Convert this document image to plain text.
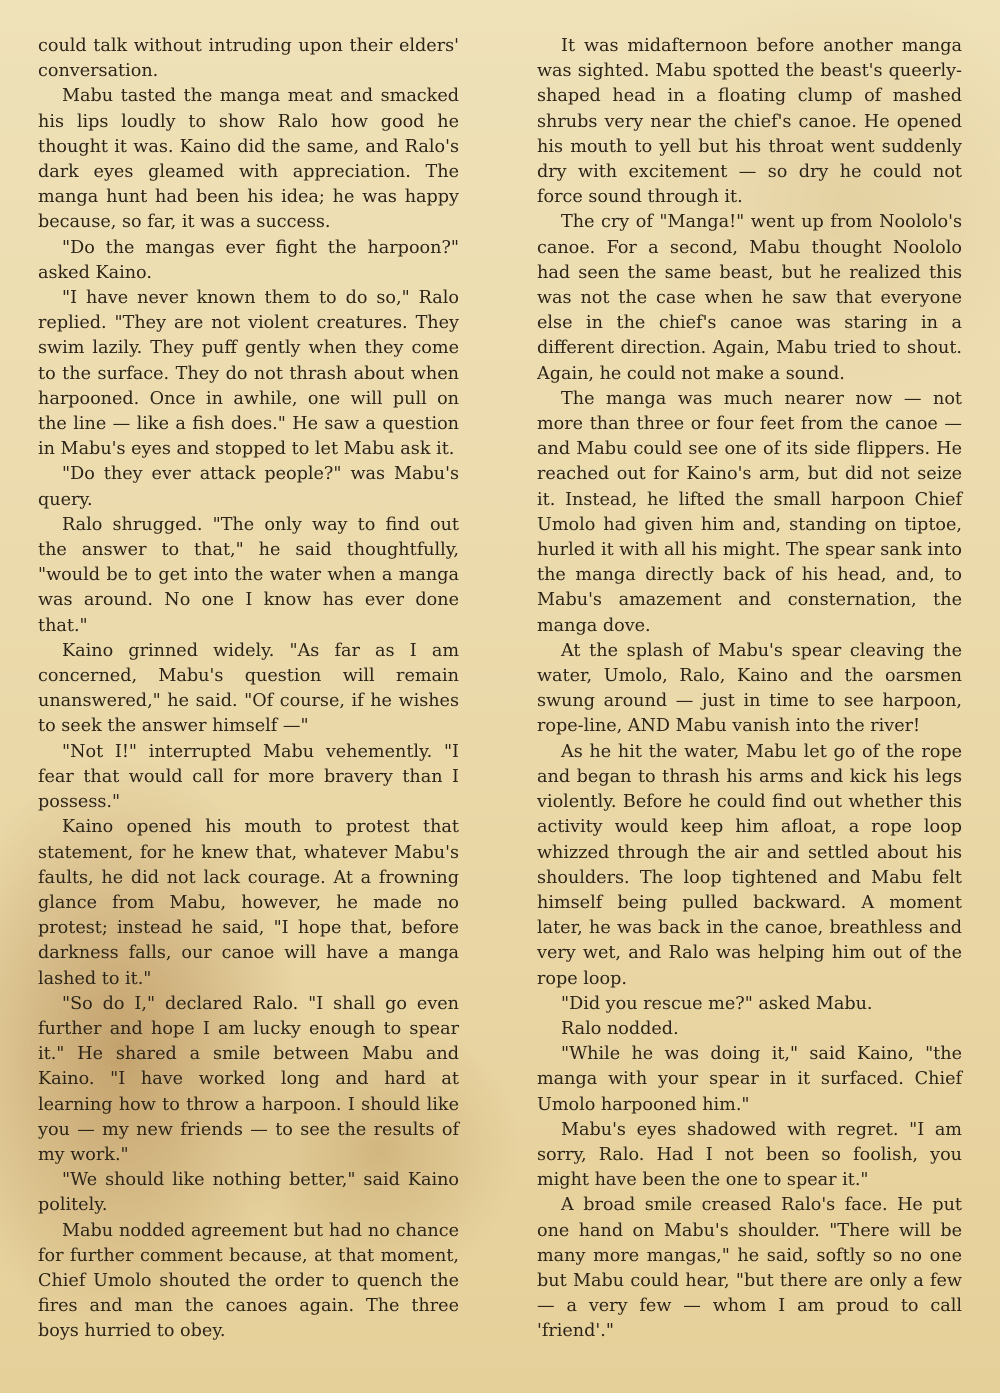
could talk without intruding upon their elders' conversation.

Mabu tasted the manga meat and smacked his lips loudly to show Ralo how good he thought it was. Kaino did the same, and Ralo's dark eyes gleamed with appreciation. The manga hunt had been his idea; he was happy because, so far, it was a success.

"Do the mangas ever fight the harpoon?" asked Kaino.

"I have never known them to do so," Ralo replied. "They are not violent creatures. They swim lazily. They puff gently when they come to the surface. They do not thrash about when harpooned. Once in awhile, one will pull on the line — like a fish does." He saw a question in Mabu's eyes and stopped to let Mabu ask it.

"Do they ever attack people?" was Mabu's query.

Ralo shrugged. "The only way to find out the answer to that," he said thoughtfully, "would be to get into the water when a manga was around. No one I know has ever done that."

Kaino grinned widely. "As far as I am concerned, Mabu's question will remain unanswered," he said. "Of course, if he wishes to seek the answer himself —"

"Not I!" interrupted Mabu vehemently. "I fear that would call for more bravery than I possess."

Kaino opened his mouth to protest that statement, for he knew that, whatever Mabu's faults, he did not lack courage. At a frowning glance from Mabu, however, he made no protest; instead he said, "I hope that, before darkness falls, our canoe will have a manga lashed to it."

"So do I," declared Ralo. "I shall go even further and hope I am lucky enough to spear it." He shared a smile between Mabu and Kaino. "I have worked long and hard at learning how to throw a harpoon. I should like you — my new friends — to see the results of my work."

"We should like nothing better," said Kaino politely.

Mabu nodded agreement but had no chance for further comment because, at that moment, Chief Umolo shouted the order to quench the fires and man the canoes again. The three boys hurried to obey.

It was midafternoon before another manga was sighted. Mabu spotted the beast's queerly-shaped head in a floating clump of mashed shrubs very near the chief's canoe. He opened his mouth to yell but his throat went suddenly dry with excitement — so dry he could not force sound through it.

The cry of "Manga!" went up from Noololo's canoe. For a second, Mabu thought Noololo had seen the same beast, but he realized this was not the case when he saw that everyone else in the chief's canoe was staring in a different direction. Again, Mabu tried to shout. Again, he could not make a sound.

The manga was much nearer now — not more than three or four feet from the canoe — and Mabu could see one of its side flippers. He reached out for Kaino's arm, but did not seize it. Instead, he lifted the small harpoon Chief Umolo had given him and, standing on tiptoe, hurled it with all his might. The spear sank into the manga directly back of his head, and, to Mabu's amazement and consternation, the manga dove.

At the splash of Mabu's spear cleaving the water, Umolo, Ralo, Kaino and the oarsmen swung around — just in time to see harpoon, rope-line, AND Mabu vanish into the river!

As he hit the water, Mabu let go of the rope and began to thrash his arms and kick his legs violently. Before he could find out whether this activity would keep him afloat, a rope loop whizzed through the air and settled about his shoulders. The loop tightened and Mabu felt himself being pulled backward. A moment later, he was back in the canoe, breathless and very wet, and Ralo was helping him out of the rope loop.

"Did you rescue me?" asked Mabu.

Ralo nodded.

"While he was doing it," said Kaino, "the manga with your spear in it surfaced. Chief Umolo harpooned him."

Mabu's eyes shadowed with regret. "I am sorry, Ralo. Had I not been so foolish, you might have been the one to spear it."

A broad smile creased Ralo's face. He put one hand on Mabu's shoulder. "There will be many more mangas," he said, softly so no one but Mabu could hear, "but there are only a few — a very few — whom I am proud to call 'friend'."
